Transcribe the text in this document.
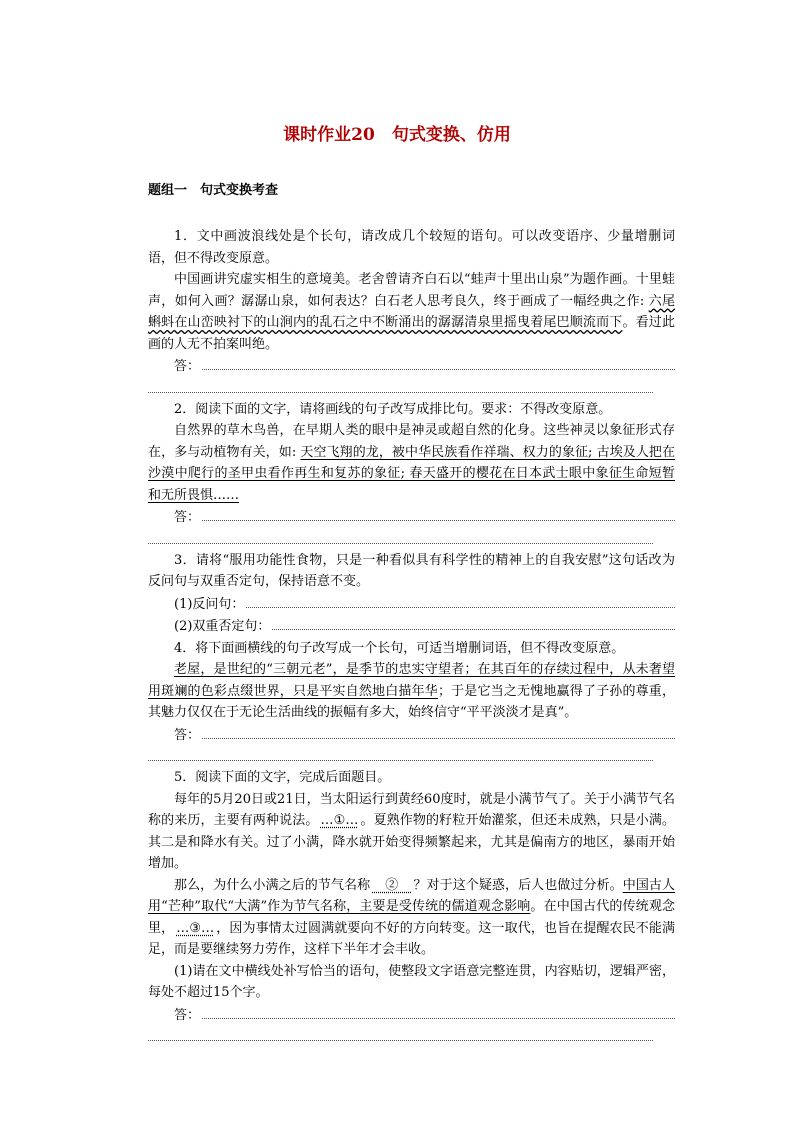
课时作业20　句式变换、仿用
题组一　句式变换考查

1．文中画波浪线处是个长句，请改成几个较短的语句。可以改变语序、少量增删词语，但不得改变原意。

中国画讲究虚实相生的意境美。老舍曾请齐白石以“蛙声十里出山泉”为题作画。十里蛙声，如何入画？潺潺山泉，如何表达？白石老人思考良久，终于画成了一幅经典之作: 六尾蝌蚪在山峦映衬下的山涧内的乱石之中不断涌出的潺潺清泉里摇曳着尾巴顺流而下。看过此画的人无不拍案叫绝。

答：

2．阅读下面的文字，请将画线的句子改写成排比句。要求：不得改变原意。

自然界的草木鸟兽，在早期人类的眼中是神灵或超自然的化身。这些神灵以象征形式存在，多与动植物有关，如: 天空飞翔的龙，被中华民族看作祥瑞、权力的象征; 古埃及人把在沙漠中爬行的圣甲虫看作再生和复苏的象征; 春天盛开的樱花在日本武士眼中象征生命短暂和无所畏惧……

答：

3．请将“服用功能性食物，只是一种看似具有科学性的精神上的自我安慰”这句话改为反问句与双重否定句，保持语意不变。

(1)反问句：
(2)双重否定句：

4．将下面画横线的句子改写成一个长句，可适当增删词语，但不得改变原意。

老屋，是世纪的“三朝元老”，是季节的忠实守望者；在其百年的存续过程中，从未奢望用斑斓的色彩点缀世界，只是平实自然地白描年华；于是它当之无愧地赢得了子孙的尊重，其魅力仅仅在于无论生活曲线的振幅有多大，始终信守“平平淡淡才是真”。

答：

5．阅读下面的文字，完成后面题目。

每年的5月20日或21日，当太阳运行到黄经60度时，就是小满节气了。关于小满节气名称的来历，主要有两种说法。 …①… 。夏熟作物的籽粒开始灌浆，但还未成熟，只是小满。其二是和降水有关。过了小满，降水就开始变得频繁起来，尤其是偏南方的地区，暴雨开始增加。

那么，为什么小满之后的节气名称　②　？对于这个疑惑，后人也做过分析。中国古人用“芒种”取代“大满”作为节气名称，主要是受传统的儒道观念影响。在中国古代的传统观念里， …③… ，因为事情太过圆满就要向不好的方向转变。这一取代，也旨在提醒农民不能满足，而是要继续努力劳作，这样下半年才会丰收。

(1)请在文中横线处补写恰当的语句，使整段文字语意完整连贯，内容贴切，逻辑严密，每处不超过15个字。

答：
